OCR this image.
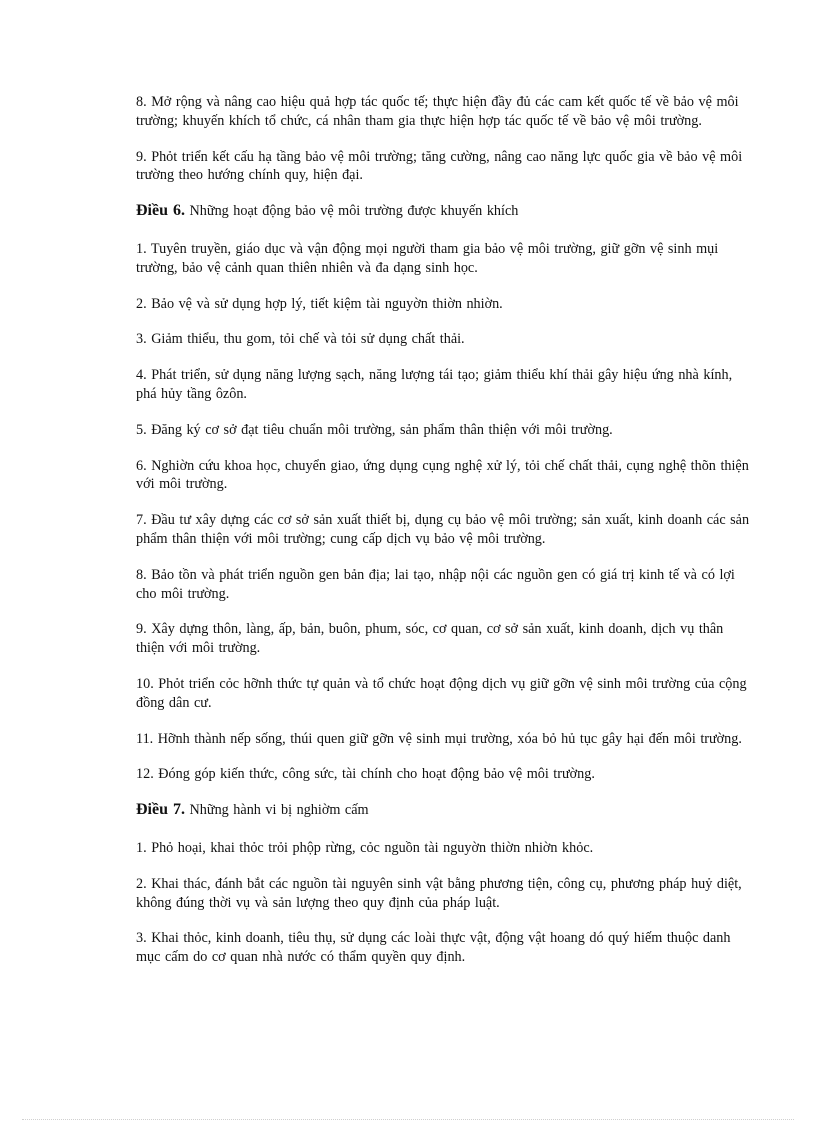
8. Mở rộng và nâng cao hiệu quả hợp tác quốc tế; thực hiện đầy đủ các cam kết quốc tế về bảo vệ môi trường; khuyến khích tổ chức, cá nhân tham gia thực hiện hợp tác quốc tế về bảo vệ môi trường.

9. Phỏt triển kết cấu hạ tầng bảo vệ môi trường; tăng cường, nâng cao năng lực quốc gia về bảo vệ môi trường theo hướng chính quy, hiện đại.

Điều 6. Những hoạt động bảo vệ môi trường được khuyến khích

1. Tuyên truyền, giáo dục và vận động mọi người tham gia bảo vệ môi trường, giữ gỡn vệ sinh mụi trường, bảo vệ cảnh quan thiên nhiên và đa dạng sinh học.

2. Bảo vệ và sử dụng hợp lý, tiết kiệm tài nguyờn thiờn nhiờn.

3. Giảm thiểu, thu gom, tỏi chế và tỏi sử dụng chất thải.

4. Phát triển, sử dụng năng lượng sạch, năng lượng tái tạo; giảm thiểu khí thải gây hiệu ứng nhà kính, phá hủy tầng ôzôn.

5. Đăng ký cơ sở đạt tiêu chuẩn môi trường, sản phẩm thân thiện với môi trường.

6. Nghiờn cứu khoa học, chuyển giao, ứng dụng cụng nghệ xử lý, tỏi chế chất thải, cụng nghệ thõn thiện với môi trường.

7. Đầu tư xây dựng các cơ sở sản xuất thiết bị, dụng cụ bảo vệ môi trường; sản xuất, kinh doanh các sản phẩm thân thiện với môi trường; cung cấp dịch vụ bảo vệ môi trường.

8. Bảo tồn và phát triển nguồn gen bản địa; lai tạo, nhập nội các nguồn gen có giá trị kinh tế và có lợi cho môi trường.

9. Xây dựng thôn, làng, ấp, bản, buôn, phum, sóc, cơ quan, cơ sở sản xuất, kinh doanh, dịch vụ thân thiện với môi trường.

10. Phỏt triển cỏc hỡnh thức tự quản và tổ chức hoạt động dịch vụ giữ gỡn vệ sinh môi trường của cộng đồng dân cư.

11. Hỡnh thành nếp sống, thúi quen giữ gỡn vệ sinh mụi trường, xóa bỏ hủ tục gây hại đến môi trường.

12. Đóng góp kiến thức, công sức, tài chính cho hoạt động bảo vệ môi trường.

Điều 7. Những hành vi bị nghiờm cấm

1. Phỏ hoại, khai thỏc trỏi phộp rừng, cỏc nguồn tài nguyờn thiờn nhiờn khỏc.

2. Khai thác, đánh bắt các nguồn tài nguyên sinh vật bằng phương tiện, công cụ, phương pháp huỷ diệt, không đúng thời vụ và sản lượng theo quy định của pháp luật.

3. Khai thỏc, kinh doanh, tiêu thụ, sử dụng các loài thực vật, động vật hoang dó quý hiếm thuộc danh mục cấm do cơ quan nhà nước có thẩm quyền quy định.
